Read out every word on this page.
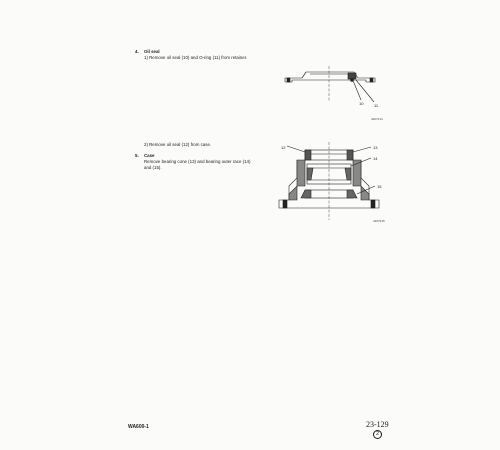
4. Oil seal
1) Remove oil seal (10) and O-ring (11) from retainer.
10	11
4207214
2) Remove oil seal (12) from case.
5. Case
Remove bearing cone (13) and bearing outer race (14)
and (15).
12	13
14
15
4207215
WA600-1	23-129
2
